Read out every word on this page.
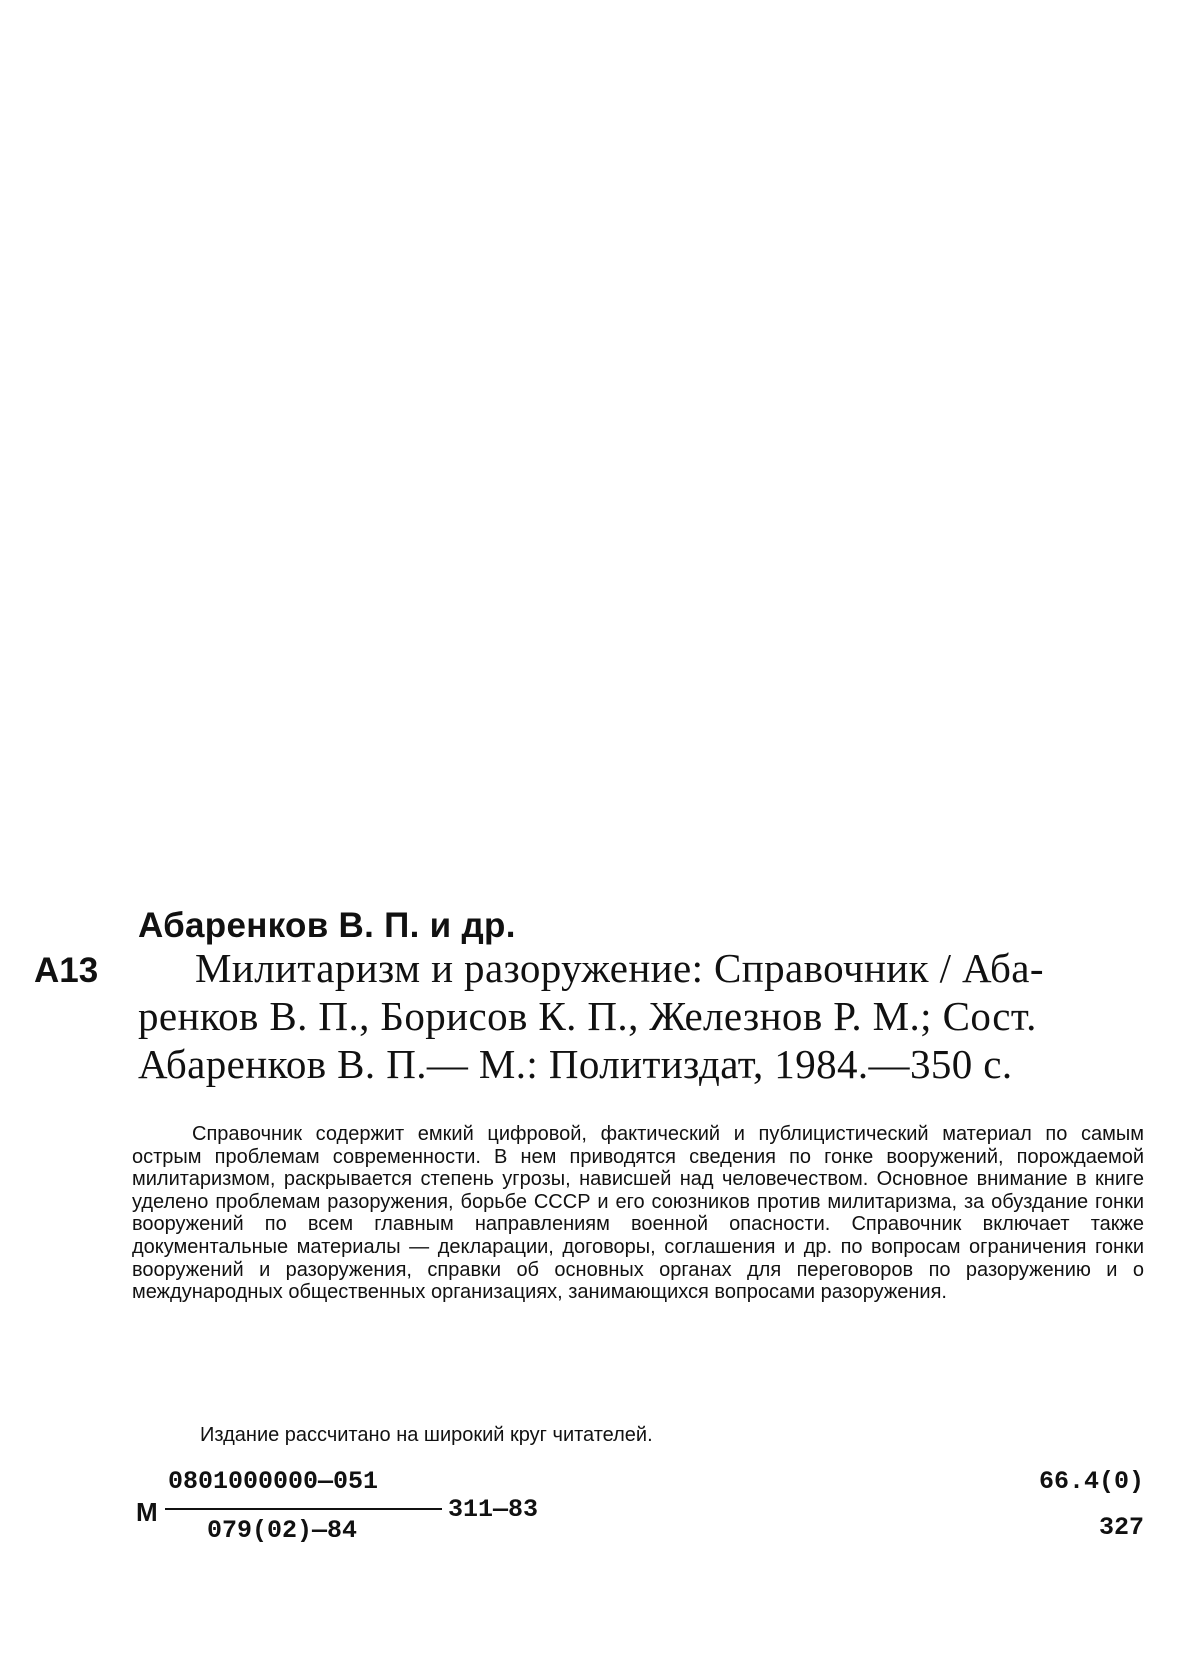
Абаренков В. П. и др.
А13 Милитаризм и разоружение: Справочник / Аба-
ренков В. П., Борисов К. П., Железнов Р. М.; Сост.
Абаренков В. П.— М.: Политиздат, 1984.—350 с.

Справочник содержит емкий цифровой, фактический и публицистический материал по самым острым проблемам современности. В нем приводятся сведения по гонке вооружений, порождаемой милитаризмом, раскрывается степень угрозы, нависшей над человечеством. Основное внимание в книге уделено проблемам разоружения, борьбе СССР и его союзников против милитаризма, за обуздание гонки вооружений по всем главным направлениям военной опасности. Справочник включает также документальные материалы — декларации, договоры, соглашения и др. по вопросам ограничения гонки вооружений и разоружения, справки об основных органах для переговоров по разоружению и о международных общественных организациях, занимающихся вопросами разоружения.

Издание рассчитано на широкий круг читателей.
М
0801000000—051
079(02)—84
311—83
66.4(0)
327
